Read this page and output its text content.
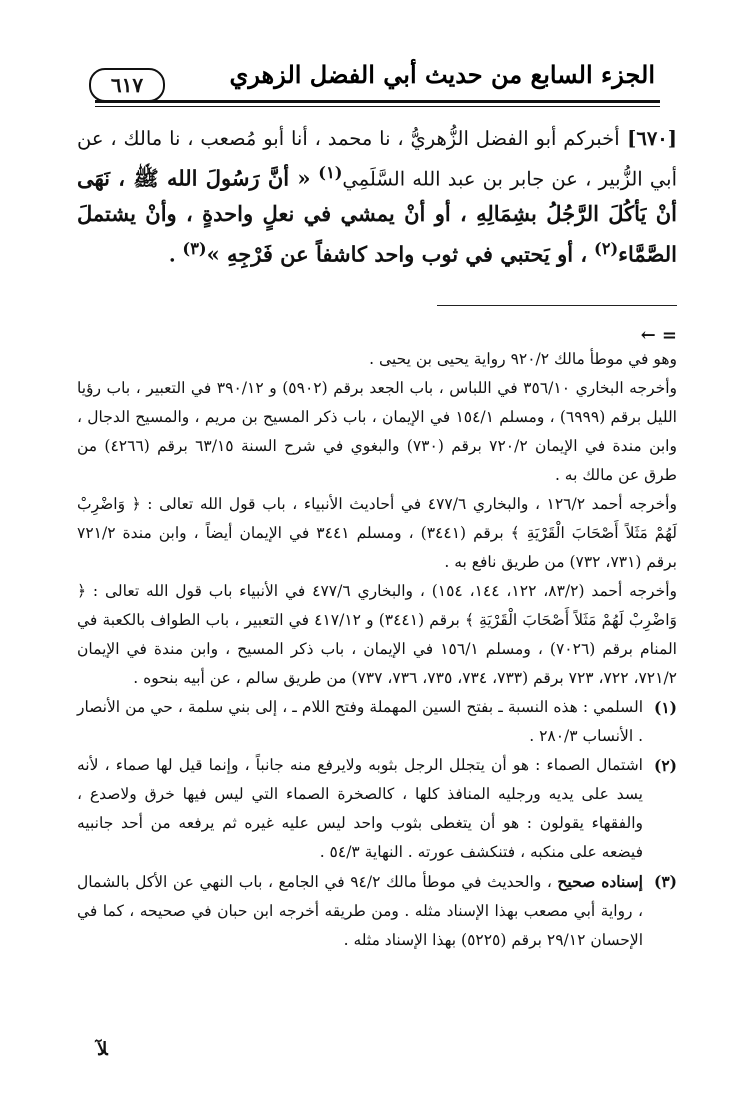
الجزء السابع من حديث أبي الفضل الزهري
٦١٧
[٦٧٠] أخبركم أبو الفضل الزُّهريُّ ، نا محمد ، أنا أبو مُصعب ، نا مالك ، عن أبي الزُّبير ، عن جابر بن عبد الله السَّلَمِي$^{(١)}$ « أنَّ رَسُولَ الله ﷺ ، نَهَى أنْ يَأكُلَ الرَّجُلُ بشِمَالِهِ ، أو أنْ يمشي في نعلٍ واحدةٍ ، وأنْ يشتملَ الصَّمَّاء$^{(٢)}$ ، أو يَحتبي في ثوب واحد كاشفاً عن فَرْجِهِ »$^{(٣)}$ .
= ←

وهو في موطأ مالك ٩٢٠/٢ رواية يحيى بن يحيى .

وأخرجه البخاري ٣٥٦/١٠ في اللباس ، باب الجعد برقم (٥٩٠٢) و ٣٩٠/١٢ في التعبير ، باب رؤيا الليل برقم (٦٩٩٩) ، ومسلم ١٥٤/١ في الإيمان ، باب ذكر المسيح بن مريم ، والمسيح الدجال ، وابن مندة في الإيمان ٧٢٠/٢ برقم (٧٣٠) والبغوي في شرح السنة ٦٣/١٥ برقم (٤٢٦٦) من طرق عن مالك به .

وأخرجه أحمد ١٢٦/٢ ، والبخاري ٤٧٧/٦ في أحاديث الأنبياء ، باب قول الله تعالى : ﴿ وَاضْرِبْ لَهُمْ مَثَلاً أَصْحَابَ الْقَرْيَةِ ﴾ برقم (٣٤٤١) ، ومسلم ٣٤٤١ في الإيمان أيضاً ، وابن مندة ٧٢١/٢ برقم (٧٣١، ٧٣٢) من طريق نافع به .

وأخرجه أحمد (٨٣/٢، ١٢٢، ١٤٤، ١٥٤) ، والبخاري ٤٧٧/٦ في الأنبياء باب قول الله تعالى : ﴿ وَاضْرِبْ لَهُمْ مَثَلاً أَصْحَابَ الْقَرْيَةِ ﴾ برقم (٣٤٤١) و ٤١٧/١٢ في التعبير ، باب الطواف بالكعبة في المنام برقم (٧٠٢٦) ، ومسلم ١٥٦/١ في الإيمان ، باب ذكر المسيح ، وابن مندة في الإيمان ٧٢١/٢، ٧٢٢، ٧٢٣ برقم (٧٣٣، ٧٣٤، ٧٣٥، ٧٣٦، ٧٣٧) من طريق سالم ، عن أبيه بنحوه .

(١)
السلمي : هذه النسبة ـ بفتح السين المهملة وفتح اللام ـ ، إلى بني سلمة ، حي من الأنصار . الأنساب ٢٨٠/٣ .
(٢)
اشتمال الصماء : هو أن يتجلل الرجل بثوبه ولايرفع منه جانباً ، وإنما قيل لها صماء ، لأنه يسد على يديه ورجليه المنافذ كلها ، كالصخرة الصماء التي ليس فيها خرق ولاصدع ، والفقهاء يقولون : هو أن يتغطى بثوب واحد ليس عليه غيره ثم يرفعه من أحد جانبيه فيضعه على منكبه ، فتنكشف عورته . النهاية ٥٤/٣ .
(٣)
إسناده صحيح ، والحديث في موطأ مالك ٩٤/٢ في الجامع ، باب النهي عن الأكل بالشمال ، رواية أبي مصعب بهذا الإسناد مثله . ومن طريقه أخرجه ابن حبان في صحيحه ، كما في الإحسان ٢٩/١٢ برقم (٥٢٢٥) بهذا الإسناد مثله .
ﻶ
